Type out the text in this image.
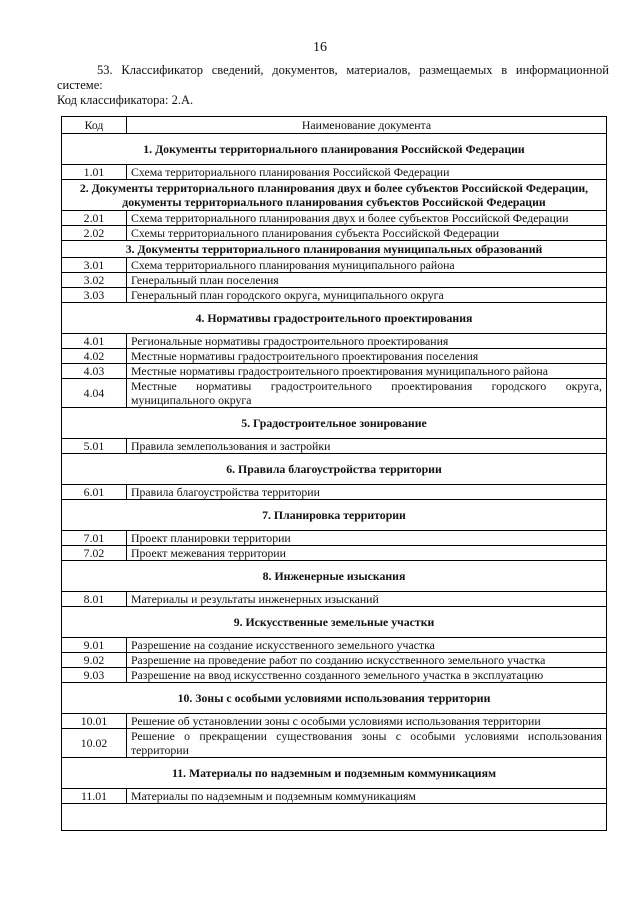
16
53. Классификатор сведений, документов, материалов, размещаемых в информационной системе:
Код классификатора: 2.А.
Код	Наименование документа
1. Документы территориального планирования Российской Федерации	
1.01	Схема территориального планирования Российской Федерации
2. Документы территориального планирования двух и более субъектов Российской Федерации, документы территориального планирования субъектов Российской Федерации	
2.01	Схема территориального планирования двух и более субъектов Российской Федерации
2.02	Схемы территориального планирования субъекта Российской Федерации
3. Документы территориального планирования муниципальных образований	
3.01	Схема территориального планирования муниципального района
3.02	Генеральный план поселения
3.03	Генеральный план городского округа, муниципального округа
4. Нормативы градостроительного проектирования	
4.01	Региональные нормативы градостроительного проектирования
4.02	Местные нормативы градостроительного проектирования поселения
4.03	Местные нормативы градостроительного проектирования муниципального района
4.04	Местные нормативы градостроительного проектирования городского округа, муниципального округа
5. Градостроительное зонирование	
5.01	Правила землепользования и застройки
6. Правила благоустройства территории	
6.01	Правила благоустройства территории
7. Планировка территории	
7.01	Проект планировки территории
7.02	Проект межевания территории
8. Инженерные изыскания	
8.01	Материалы и результаты инженерных изысканий
9. Искусственные земельные участки	
9.01	Разрешение на создание искусственного земельного участка
9.02	Разрешение на проведение работ по созданию искусственного земельного участка
9.03	Разрешение на ввод искусственно созданного земельного участка в эксплуатацию
10. Зоны с особыми условиями использования территории	
10.01	Решение об установлении зоны с особыми условиями использования территории
10.02	Решение о прекращении существования зоны с особыми условиями использования территории
11. Материалы по надземным и подземным коммуникациям	
11.01	Материалы по надземным и подземным коммуникациям
